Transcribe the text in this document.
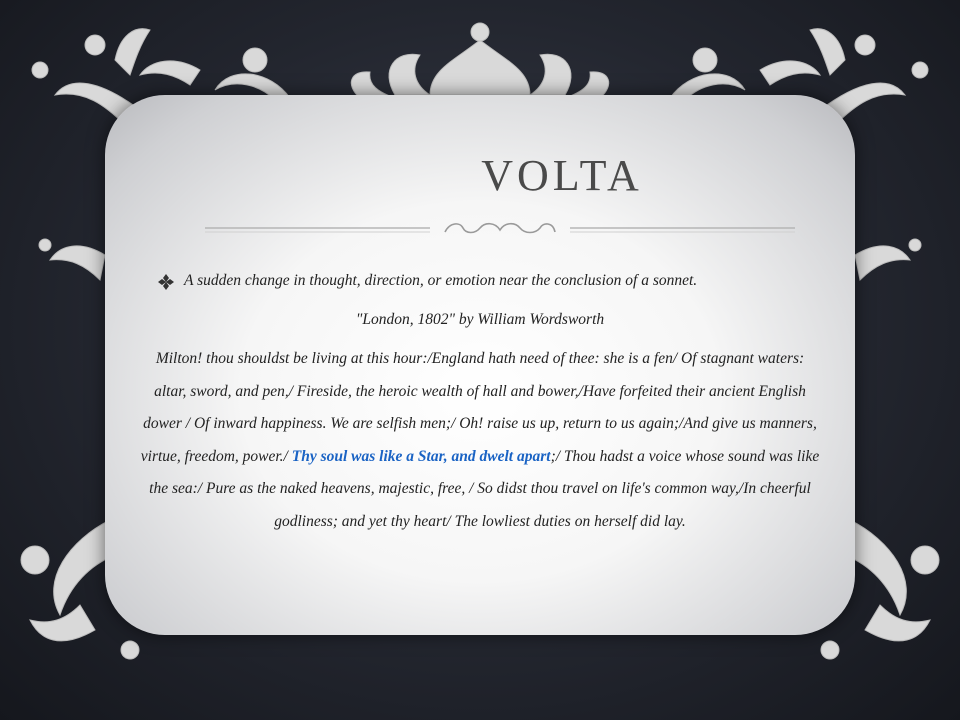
VOLTA
A sudden change in thought, direction, or emotion near the conclusion of a sonnet.
"London, 1802" by William Wordsworth
Milton! thou shouldst be living at this hour:/England hath need of thee: she is a fen/ Of stagnant waters: altar, sword, and pen,/ Fireside, the heroic wealth of hall and bower,/Have forfeited their ancient English dower / Of inward happiness. We are selfish men;/ Oh! raise us up, return to us again;/And give us manners, virtue, freedom, power./ Thy soul was like a Star, and dwelt apart;/ Thou hadst a voice whose sound was like the sea:/ Pure as the naked heavens, majestic, free, / So didst thou travel on life's common way,/In cheerful godliness; and yet thy heart/ The lowliest duties on herself did lay.
